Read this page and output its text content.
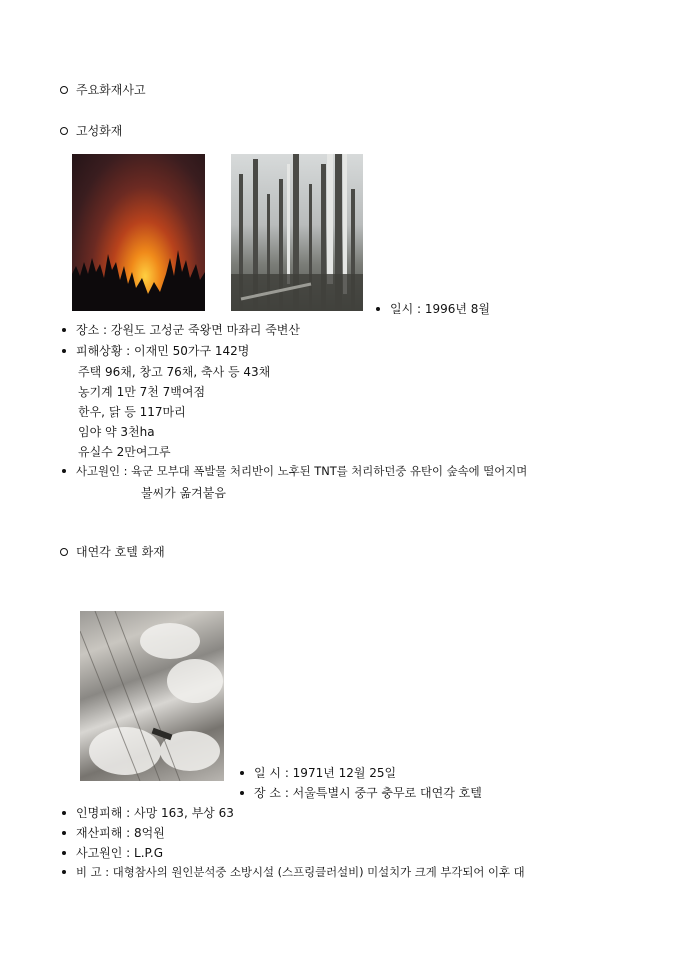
주요화재사고
고성화재
일시 : 1996년 8월
장소 : 강원도 고성군 죽왕면 마좌리 죽변산
피해상황 : 이재민 50가구 142명
주택 96채, 창고 76채, 축사 등 43채
농기계 1만 7천 7백여점
한우, 닭 등 117마리
임야 약 3천ha
유실수 2만여그루
사고원인 : 육군 모부대 폭발물 처리반이 노후된 TNT를 처리하던중 유탄이 숲속에 떨어지며
불씨가 옮겨붙음
대연각 호텔 화재
일 시 : 1971년 12월 25일
장 소 : 서울특별시 중구 충무로 대연각 호텔
인명피해 : 사망 163, 부상 63
재산피해 : 8억원
사고원인 : L.P.G
비 고 : 대형참사의 원인분석중 소방시설 (스프링클러설비) 미설치가 크게 부각되어 이후 대
